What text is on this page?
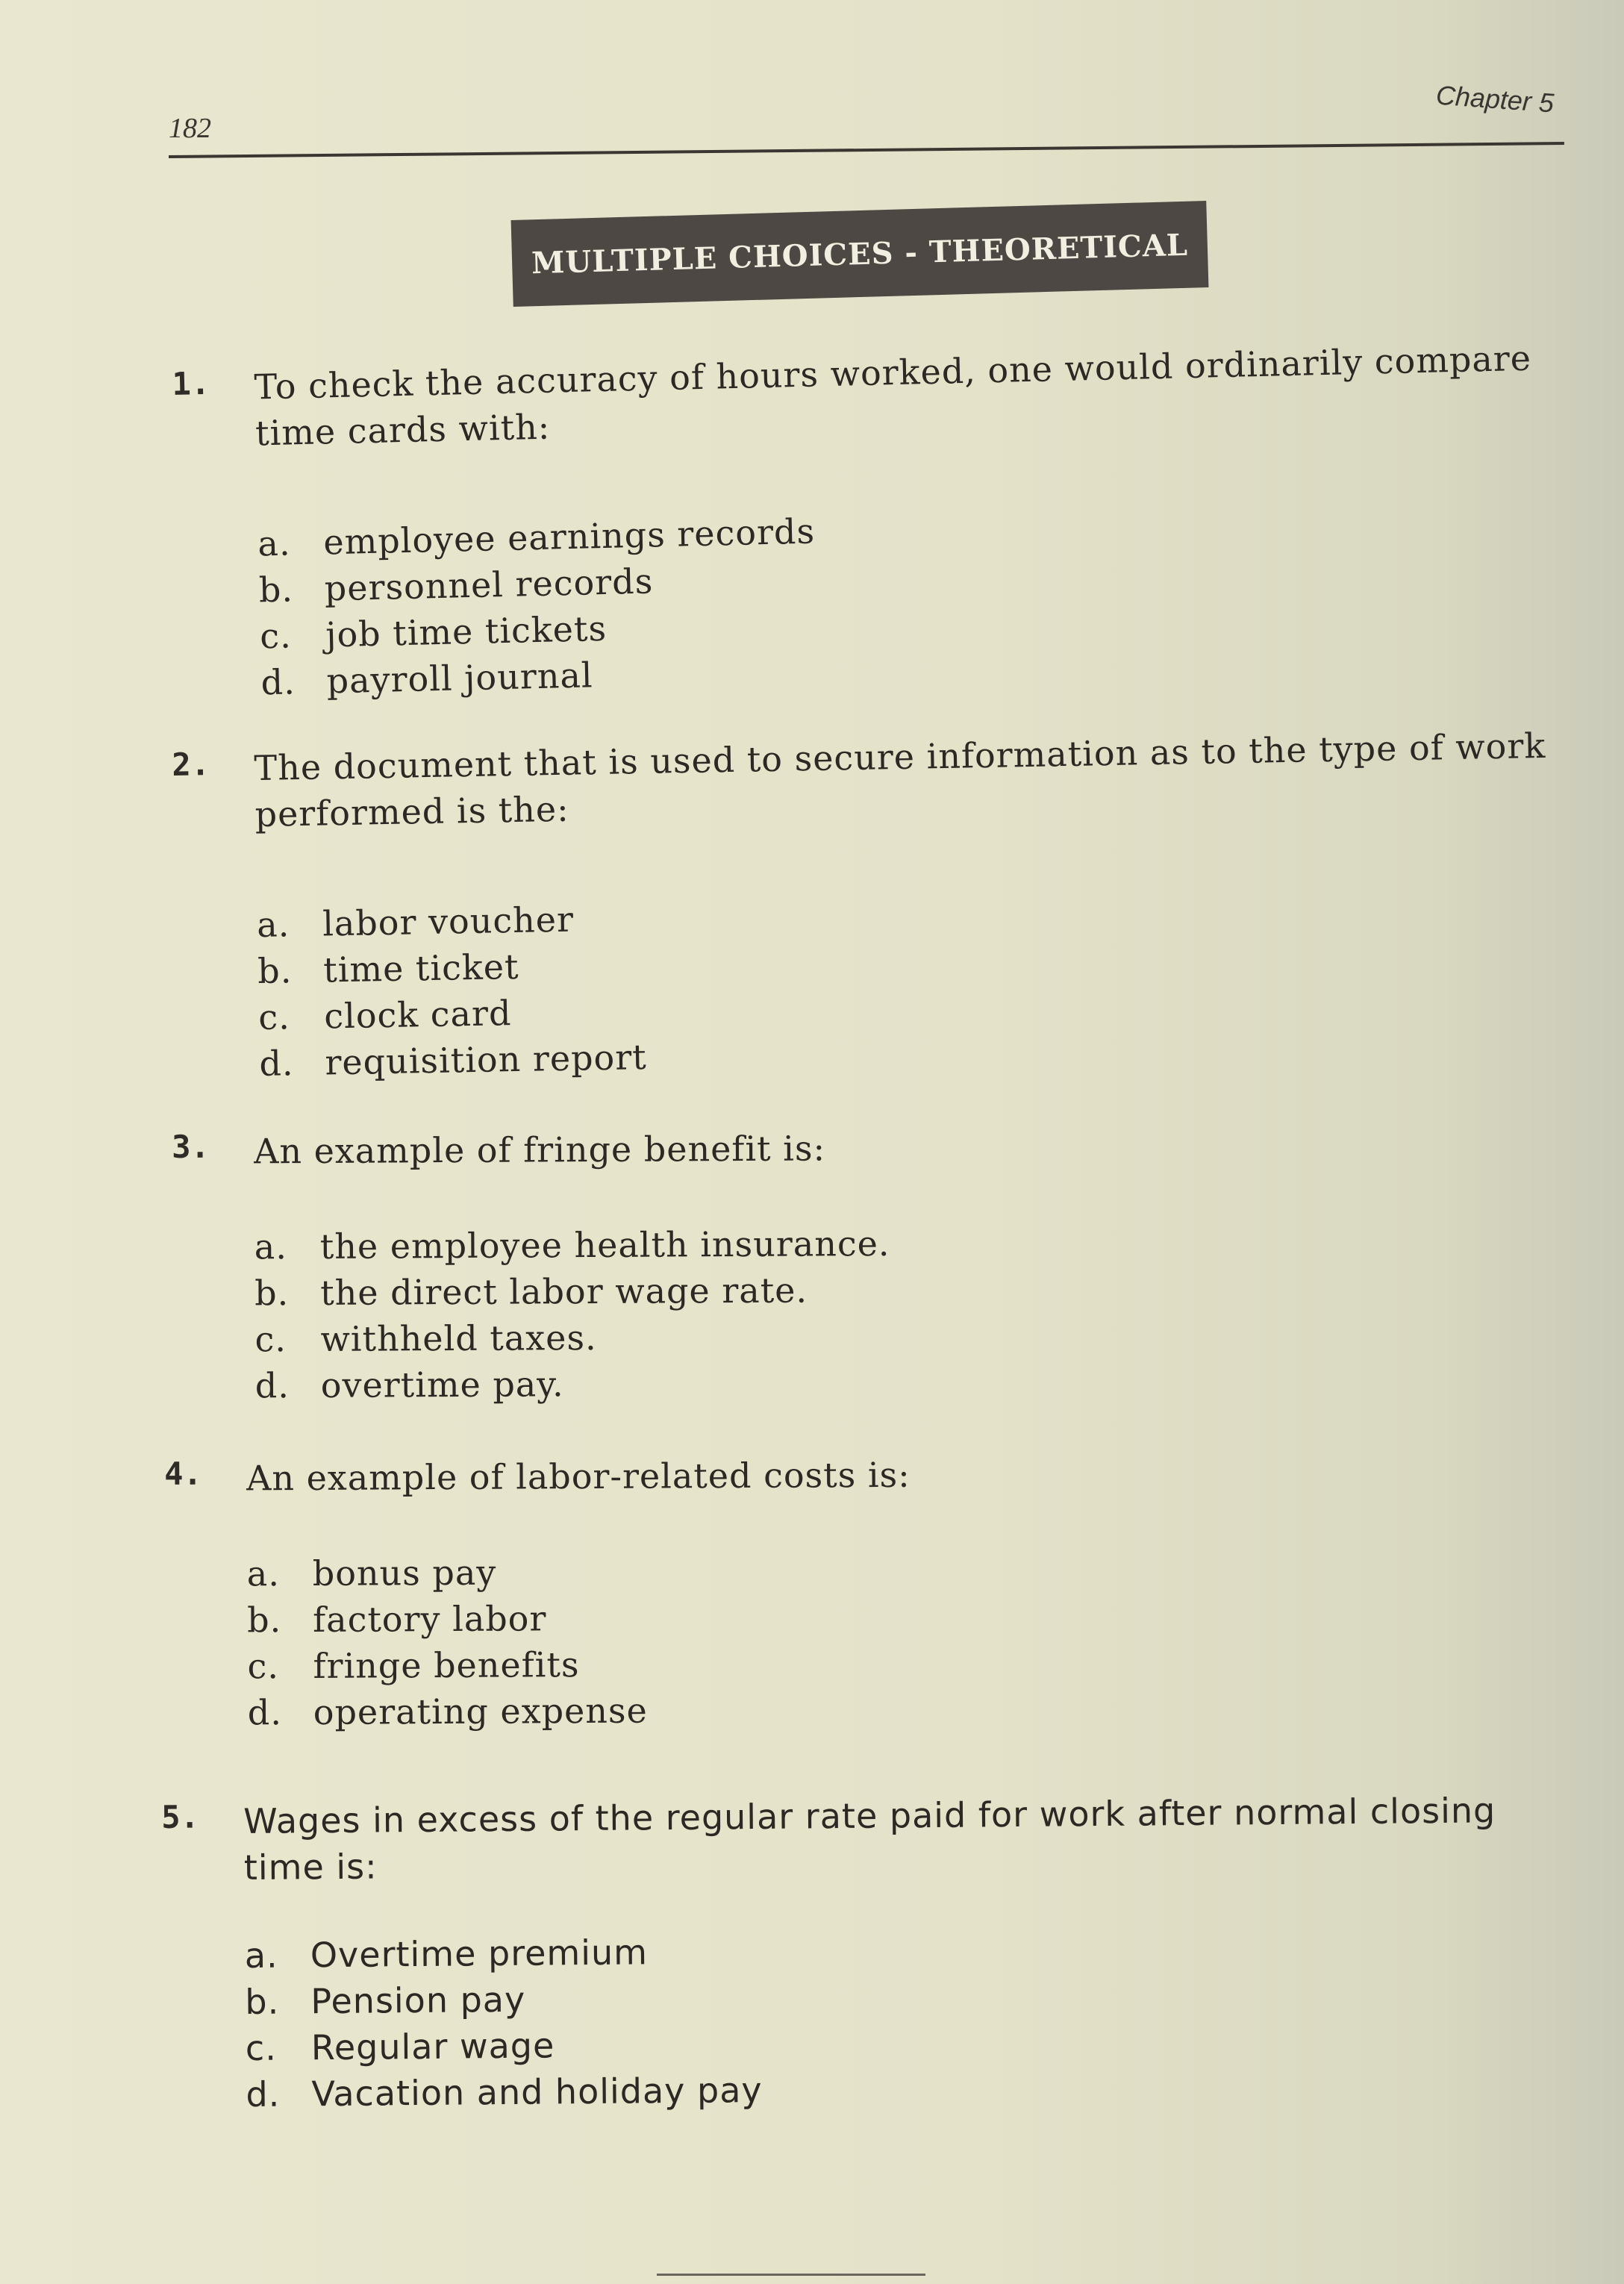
182
Chapter 5
MULTIPLE CHOICES - THEORETICAL
1. To check the accuracy of hours worked, one would ordinarily compare time cards with:
a. employee earnings records
b. personnel records
c. job time tickets
d. payroll journal
2. The document that is used to secure information as to the type of work performed is the:
a. labor voucher
b. time ticket
c. clock card
d. requisition report
3. An example of fringe benefit is:
a. the employee health insurance.
b. the direct labor wage rate.
c. withheld taxes.
d. overtime pay.
4. An example of labor-related costs is:
a. bonus pay
b. factory labor
c. fringe benefits
d. operating expense
5. Wages in excess of the regular rate paid for work after normal closing time is:
a. Overtime premium
b. Pension pay
c. Regular wage
d. Vacation and holiday pay
